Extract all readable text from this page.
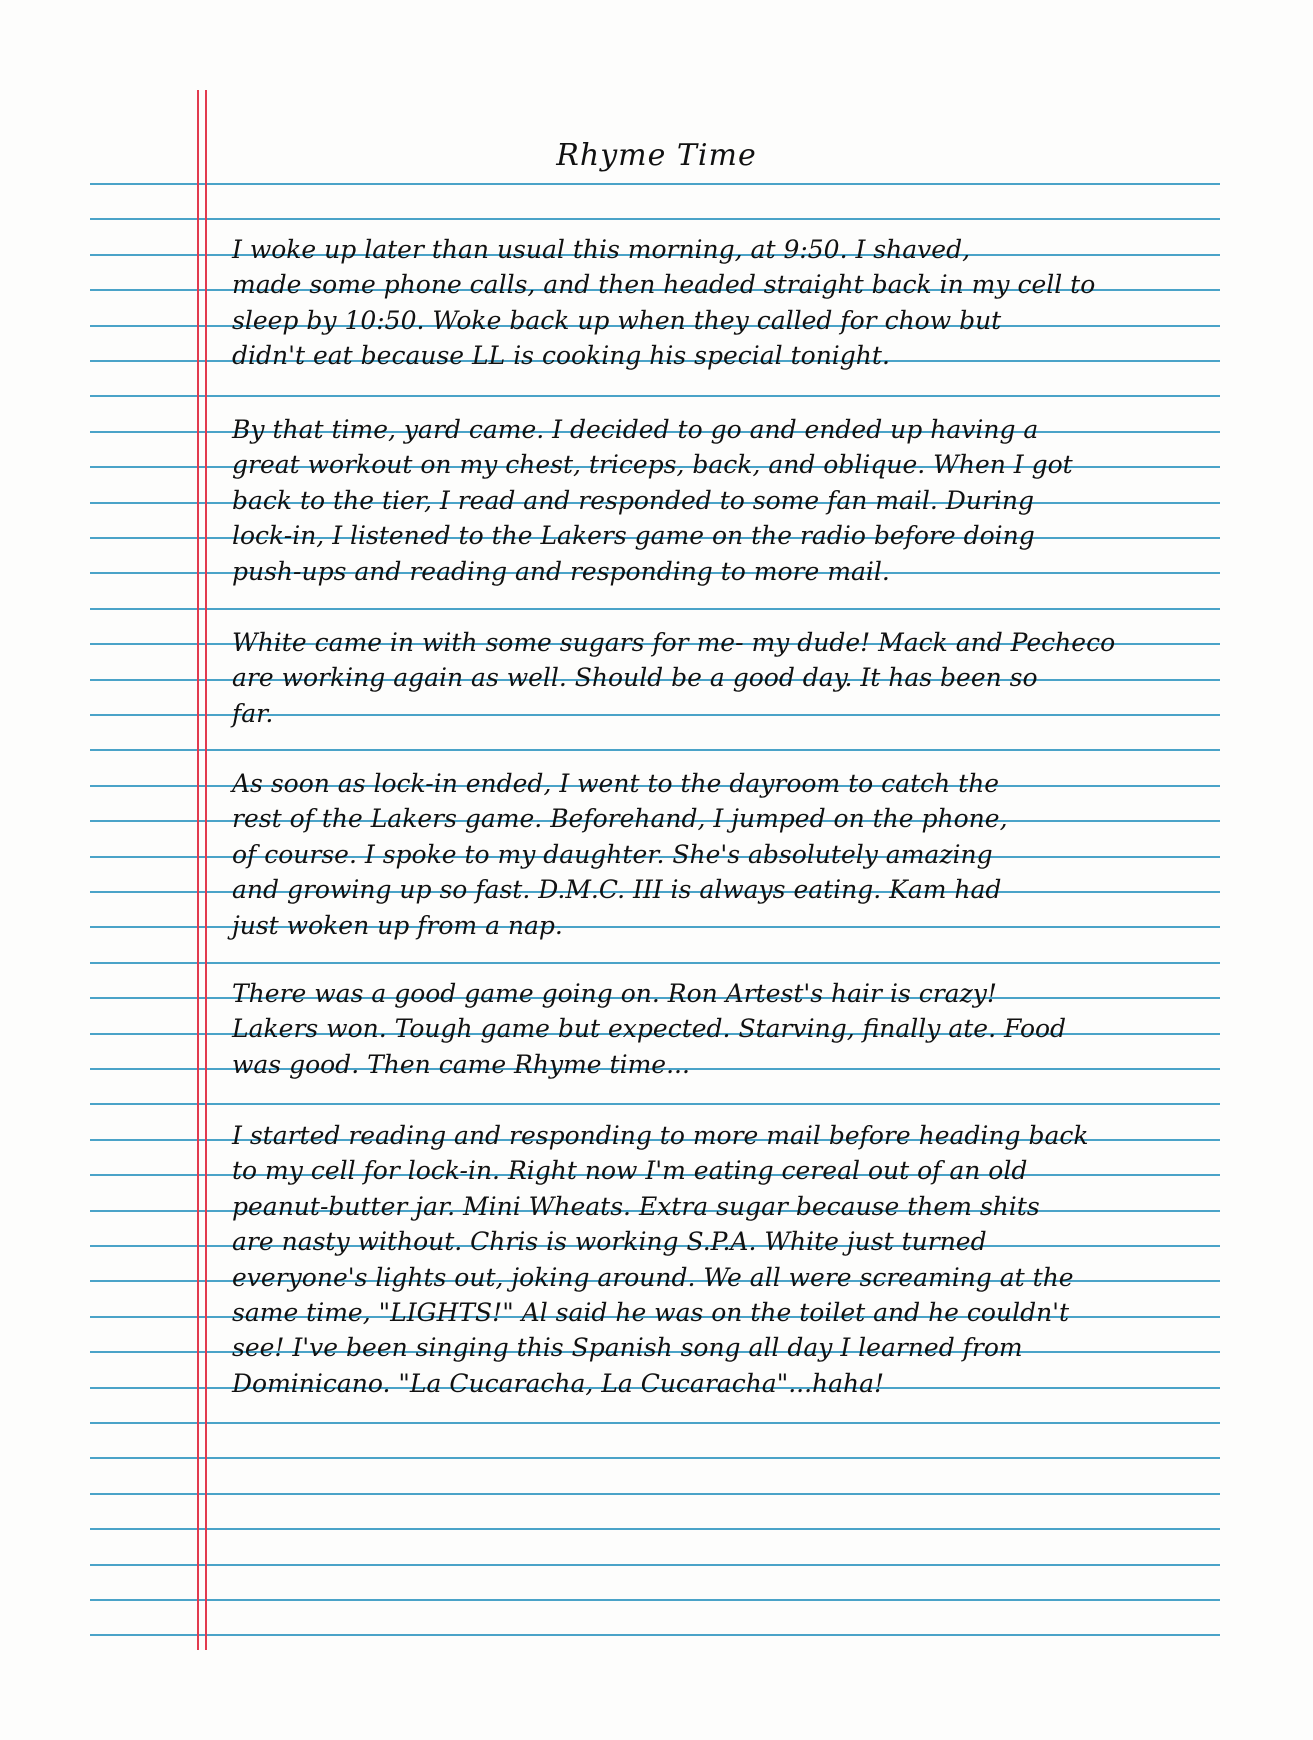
Rhyme Time
I woke up later than usual this morning, at 9:50. I shaved,
made some phone calls, and then headed straight back in my cell to
sleep by 10:50. Woke back up when they called for chow but
didn't eat because LL is cooking his special tonight.
By that time, yard came. I decided to go and ended up having a
great workout on my chest, triceps, back, and oblique. When I got
back to the tier, I read and responded to some fan mail. During
lock-in, I listened to the Lakers game on the radio before doing
push-ups and reading and responding to more mail.
White came in with some sugars for me- my dude! Mack and Pecheco
are working again as well. Should be a good day. It has been so
far.
As soon as lock-in ended, I went to the dayroom to catch the
rest of the Lakers game. Beforehand, I jumped on the phone,
of course. I spoke to my daughter. She's absolutely amazing
and growing up so fast. D.M.C. III is always eating. Kam had
just woken up from a nap.
There was a good game going on. Ron Artest's hair is crazy!
Lakers won. Tough game but expected. Starving, finally ate. Food
was good. Then came Rhyme time...
I started reading and responding to more mail before heading back
to my cell for lock-in. Right now I'm eating cereal out of an old
peanut-butter jar. Mini Wheats. Extra sugar because them shits
are nasty without. Chris is working S.P.A. White just turned
everyone's lights out, joking around. We all were screaming at the
same time, "LIGHTS!" Al said he was on the toilet and he couldn't
see! I've been singing this Spanish song all day I learned from
Dominicano. "La Cucaracha, La Cucaracha"...haha!
